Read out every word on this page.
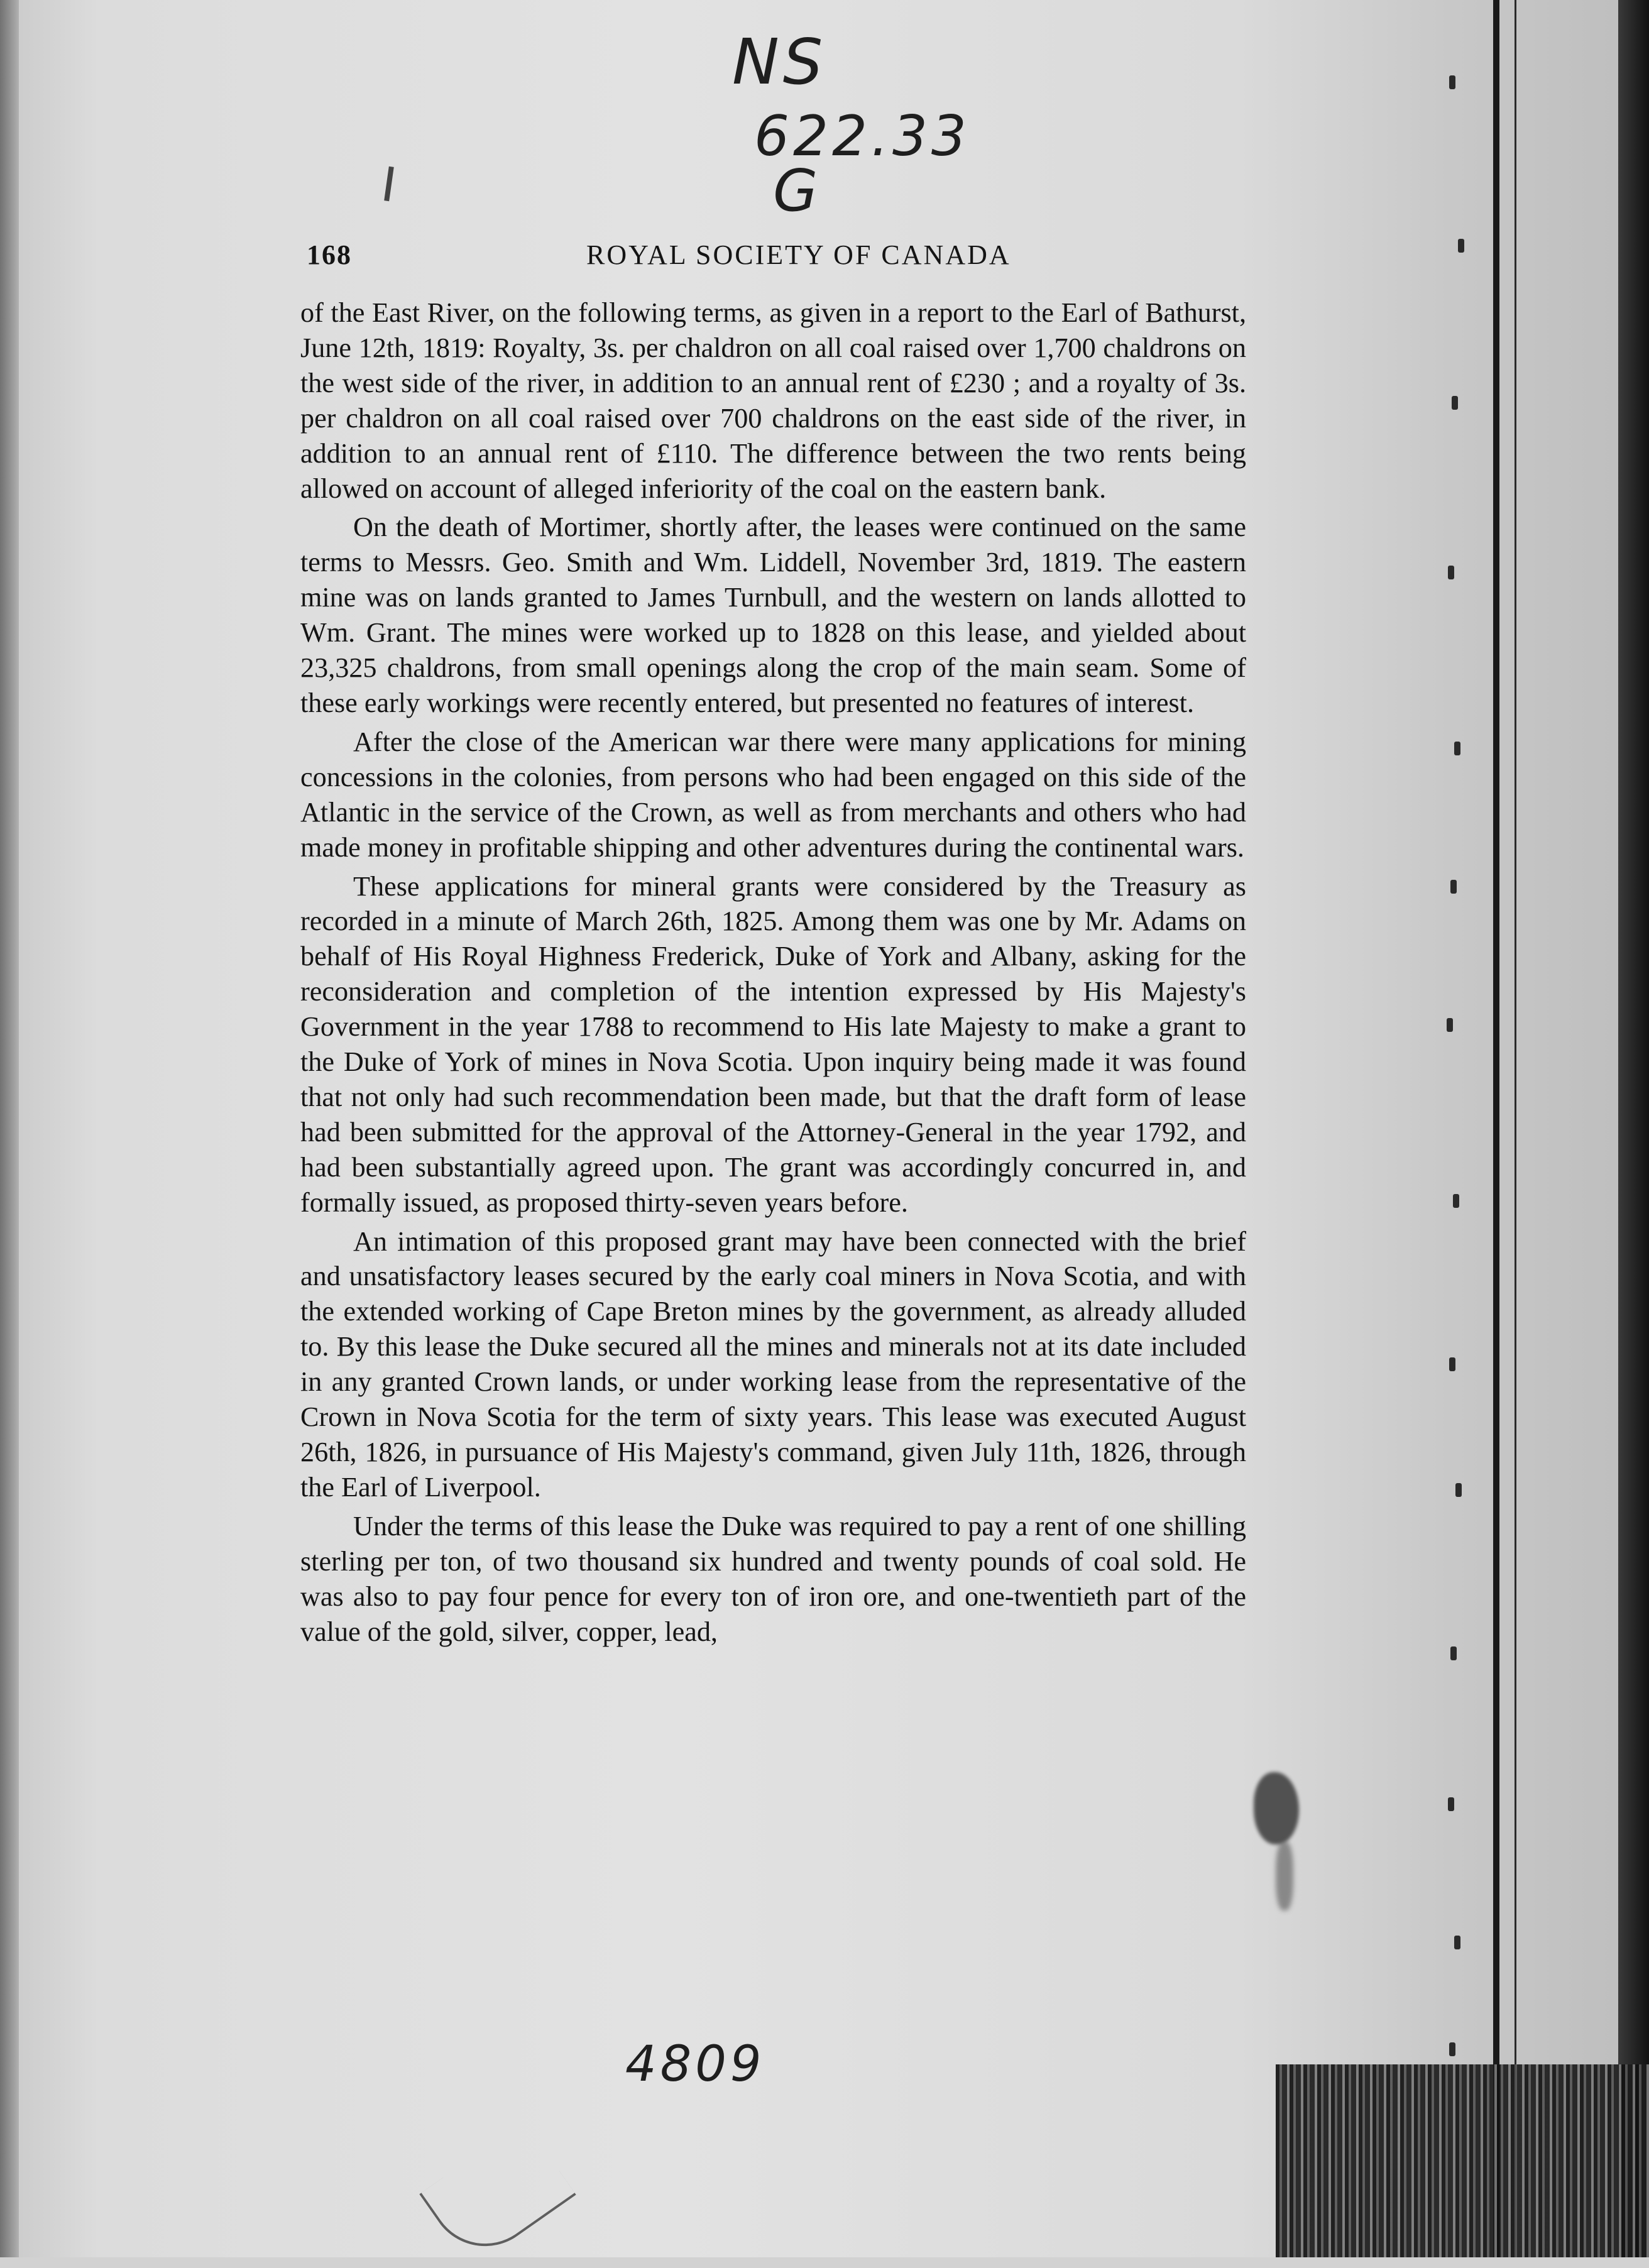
NS
622.33
G
4809
168	ROYAL SOCIETY OF CANADA

of the East River, on the following terms, as given in a report to the Earl of Bathurst, June 12th, 1819: Royalty, 3s. per chaldron on all coal raised over 1,700 chaldrons on the west side of the river, in addition to an annual rent of £230 ; and a royalty of 3s. per chaldron on all coal raised over 700 chaldrons on the east side of the river, in addition to an annual rent of £110. The difference between the two rents being allowed on account of alleged inferiority of the coal on the eastern bank.

On the death of Mortimer, shortly after, the leases were continued on the same terms to Messrs. Geo. Smith and Wm. Liddell, November 3rd, 1819. The eastern mine was on lands granted to James Turnbull, and the western on lands allotted to Wm. Grant. The mines were worked up to 1828 on this lease, and yielded about 23,325 chaldrons, from small openings along the crop of the main seam. Some of these early workings were recently entered, but presented no features of interest.

After the close of the American war there were many applications for mining concessions in the colonies, from persons who had been engaged on this side of the Atlantic in the service of the Crown, as well as from merchants and others who had made money in profitable shipping and other adventures during the continental wars.

These applications for mineral grants were considered by the Treasury as recorded in a minute of March 26th, 1825. Among them was one by Mr. Adams on behalf of His Royal Highness Frederick, Duke of York and Albany, asking for the reconsideration and completion of the intention expressed by His Majesty's Government in the year 1788 to recommend to His late Majesty to make a grant to the Duke of York of mines in Nova Scotia. Upon inquiry being made it was found that not only had such recommendation been made, but that the draft form of lease had been submitted for the approval of the Attorney-General in the year 1792, and had been substantially agreed upon. The grant was accordingly concurred in, and formally issued, as proposed thirty-seven years before.

An intimation of this proposed grant may have been connected with the brief and unsatisfactory leases secured by the early coal miners in Nova Scotia, and with the extended working of Cape Breton mines by the government, as already alluded to. By this lease the Duke secured all the mines and minerals not at its date included in any granted Crown lands, or under working lease from the representative of the Crown in Nova Scotia for the term of sixty years. This lease was executed August 26th, 1826, in pursuance of His Majesty's command, given July 11th, 1826, through the Earl of Liverpool.

Under the terms of this lease the Duke was required to pay a rent of one shilling sterling per ton, of two thousand six hundred and twenty pounds of coal sold. He was also to pay four pence for every ton of iron ore, and one-twentieth part of the value of the gold, silver, copper, lead,
